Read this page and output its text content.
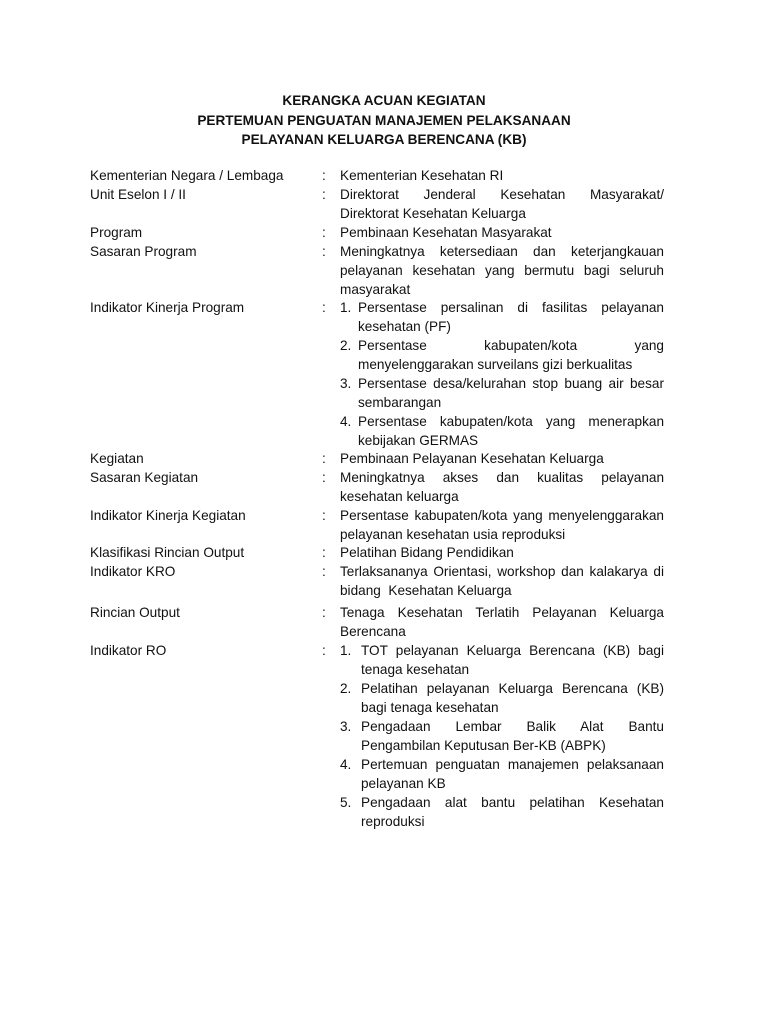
KERANGKA ACUAN KEGIATAN
PERTEMUAN PENGUATAN MANAJEMEN PELAKSANAAN
PELAYANAN KELUARGA BERENCANA (KB)
Kementerian Negara / Lembaga	: Kementerian Kesehatan RI
Unit Eselon I / II	: Direktorat Jenderal Kesehatan Masyarakat/
Direktorat Kesehatan Keluarga
Program	: Pembinaan Kesehatan Masyarakat
Sasaran Program	: Meningkatnya ketersediaan dan keterjangkauan
pelayanan kesehatan yang bermutu bagi seluruh
masyarakat
Indikator Kinerja Program	: 1. Persentase persalinan di fasilitas pelayanan
kesehatan (PF)
2. Persentase kabupaten/kota yang
menyelenggarakan surveilans gizi berkualitas
3. Persentase desa/kelurahan stop buang air besar
sembarangan
4. Persentase kabupaten/kota yang menerapkan
kebijakan GERMAS
Kegiatan	: Pembinaan Pelayanan Kesehatan Keluarga
Sasaran Kegiatan	: Meningkatnya akses dan kualitas pelayanan
kesehatan keluarga
Indikator Kinerja Kegiatan	: Persentase kabupaten/kota yang menyelenggarakan
pelayanan kesehatan usia reproduksi
Klasifikasi Rincian Output	: Pelatihan Bidang Pendidikan
Indikator KRO	: Terlaksananya Orientasi, workshop dan kalakarya di
bidang  Kesehatan Keluarga
Rincian Output	: Tenaga Kesehatan Terlatih Pelayanan Keluarga
Berencana
Indikator RO	: 1. TOT pelayanan Keluarga Berencana (KB) bagi
tenaga kesehatan
2. Pelatihan pelayanan Keluarga Berencana (KB)
bagi tenaga kesehatan
3. Pengadaan Lembar Balik Alat Bantu
Pengambilan Keputusan Ber-KB (ABPK)
4. Pertemuan penguatan manajemen pelaksanaan
pelayanan KB
5. Pengadaan alat bantu pelatihan Kesehatan
reproduksi
